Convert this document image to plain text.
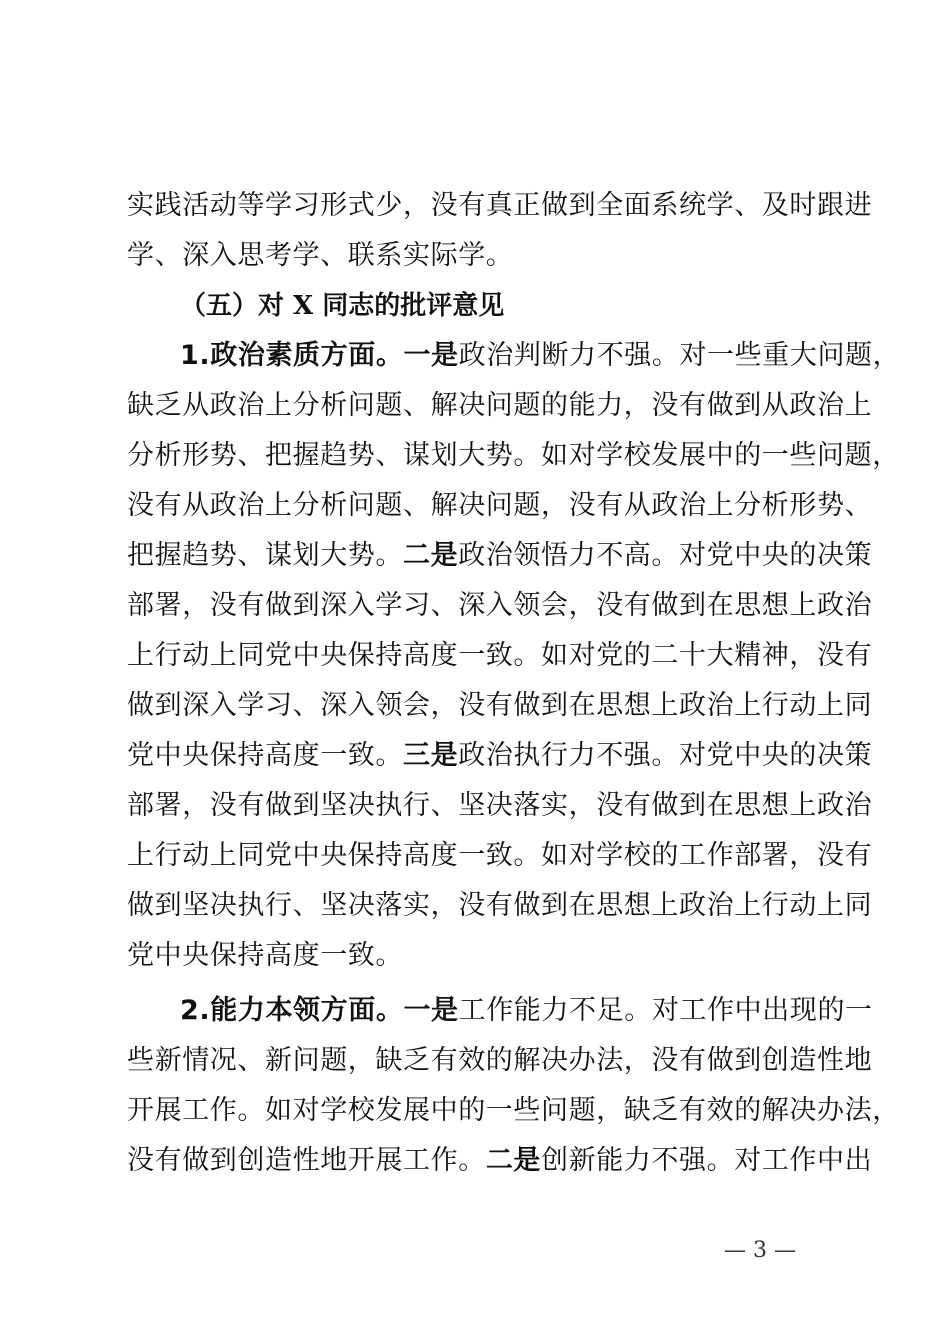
实践活动等学习形式少，没有真正做到全面系统学、及时跟进
学、深入思考学、联系实际学。
（五）对 X 同志的批评意见
1.政治素质方面。一是政治判断力不强。对一些重大问题，
缺乏从政治上分析问题、解决问题的能力，没有做到从政治上
分析形势、把握趋势、谋划大势。如对学校发展中的一些问题，
没有从政治上分析问题、解决问题，没有从政治上分析形势、
把握趋势、谋划大势。二是政治领悟力不高。对党中央的决策
部署，没有做到深入学习、深入领会，没有做到在思想上政治
上行动上同党中央保持高度一致。如对党的二十大精神，没有
做到深入学习、深入领会，没有做到在思想上政治上行动上同
党中央保持高度一致。三是政治执行力不强。对党中央的决策
部署，没有做到坚决执行、坚决落实，没有做到在思想上政治
上行动上同党中央保持高度一致。如对学校的工作部署，没有
做到坚决执行、坚决落实，没有做到在思想上政治上行动上同
党中央保持高度一致。
2.能力本领方面。一是工作能力不足。对工作中出现的一
些新情况、新问题，缺乏有效的解决办法，没有做到创造性地
开展工作。如对学校发展中的一些问题，缺乏有效的解决办法，
没有做到创造性地开展工作。二是创新能力不强。对工作中出
— 3 —
